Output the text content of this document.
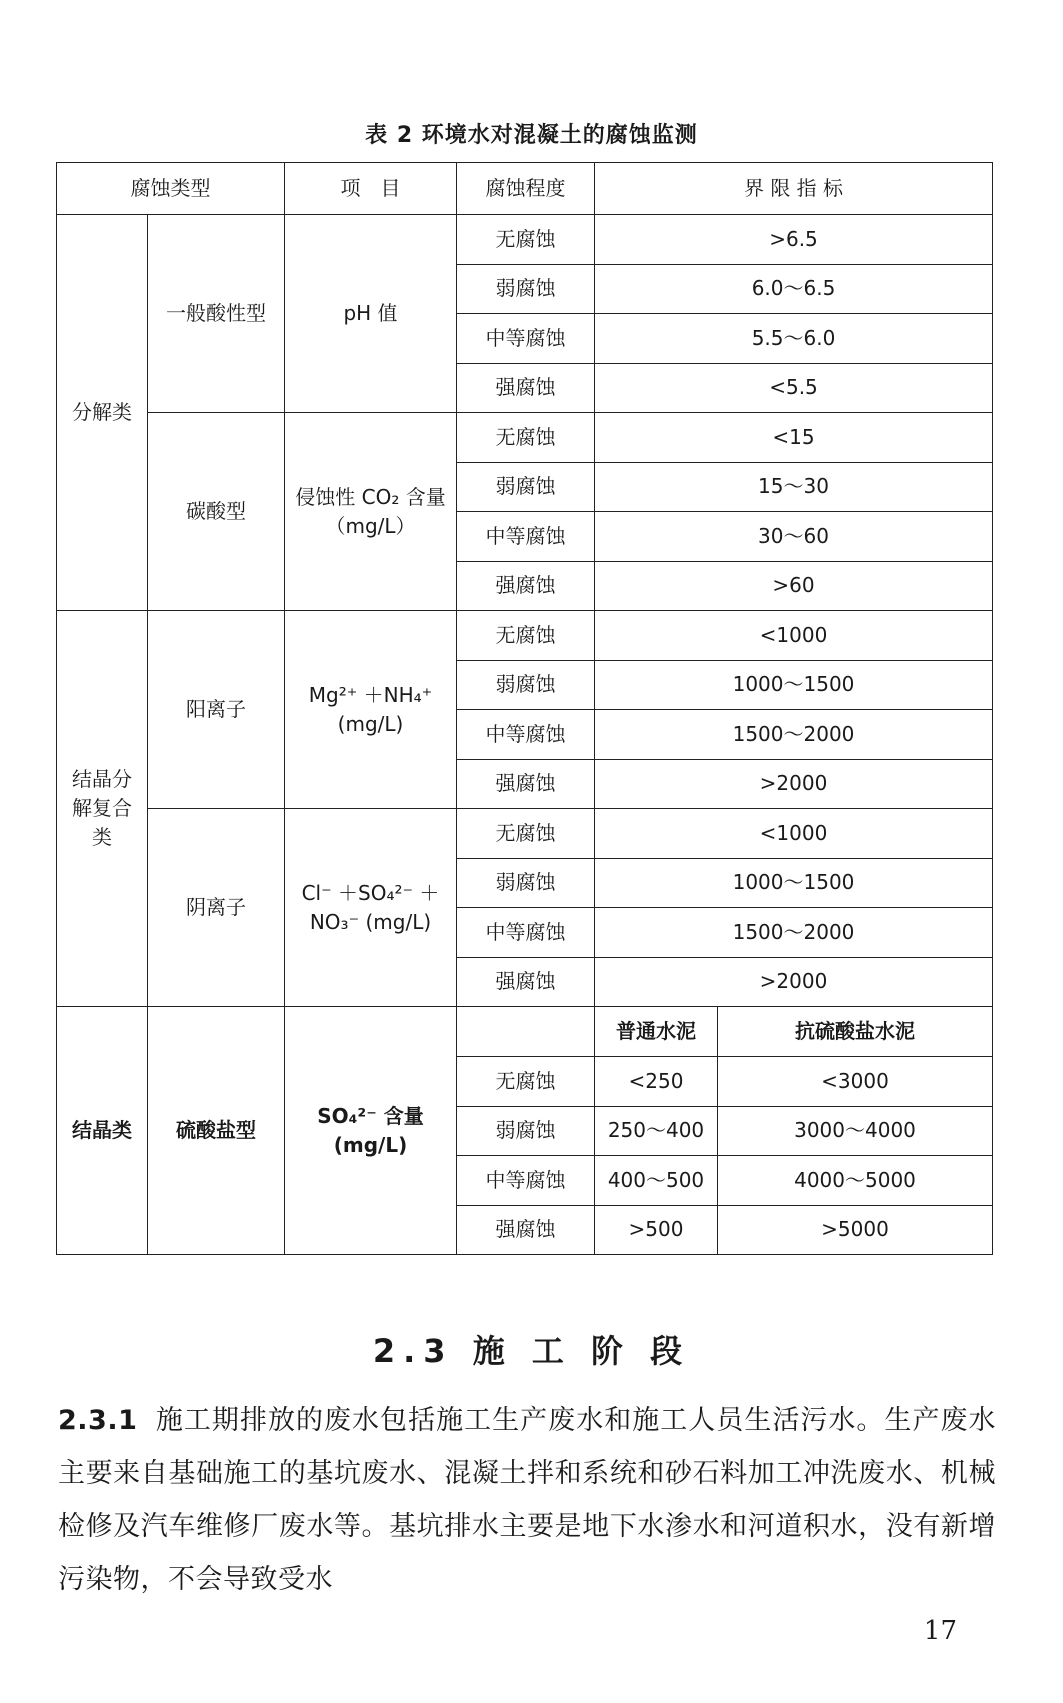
表 2 环境水对混凝土的腐蚀监测
腐蚀类型		项　目	腐蚀程度	界 限 指 标	
分解类	一般酸性型	pH 值	无腐蚀	>6.5	
			弱腐蚀	6.0～6.5	
			中等腐蚀	5.5～6.0	
			强腐蚀	<5.5	
	碳酸型	侵蚀性 CO₂ 含量（mg/L）	无腐蚀	<15	
			弱腐蚀	15～30	
			中等腐蚀	30～60	
			强腐蚀	>60	
结晶分解复合类	阳离子	Mg²⁺ ＋NH₄⁺ (mg/L)	无腐蚀	<1000	
			弱腐蚀	1000～1500	
			中等腐蚀	1500～2000	
			强腐蚀	>2000	
	阴离子	Cl⁻ ＋SO₄²⁻ ＋NO₃⁻ (mg/L)	无腐蚀	<1000	
			弱腐蚀	1000～1500	
			中等腐蚀	1500～2000	
			强腐蚀	>2000	
结晶类	硫酸盐型	SO₄²⁻ 含量 (mg/L)		普通水泥	抗硫酸盐水泥
			无腐蚀	<250	<3000
			弱腐蚀	250～400	3000～4000
			中等腐蚀	400～500	4000～5000
			强腐蚀	>500	>5000
2.3 施 工 阶 段
2.3.1 施工期排放的废水包括施工生产废水和施工人员生活污水。生产废水主要来自基础施工的基坑废水、混凝土拌和系统和砂石料加工冲洗废水、机械检修及汽车维修厂废水等。基坑排水主要是地下水渗水和河道积水，没有新增污染物，不会导致受水
17
